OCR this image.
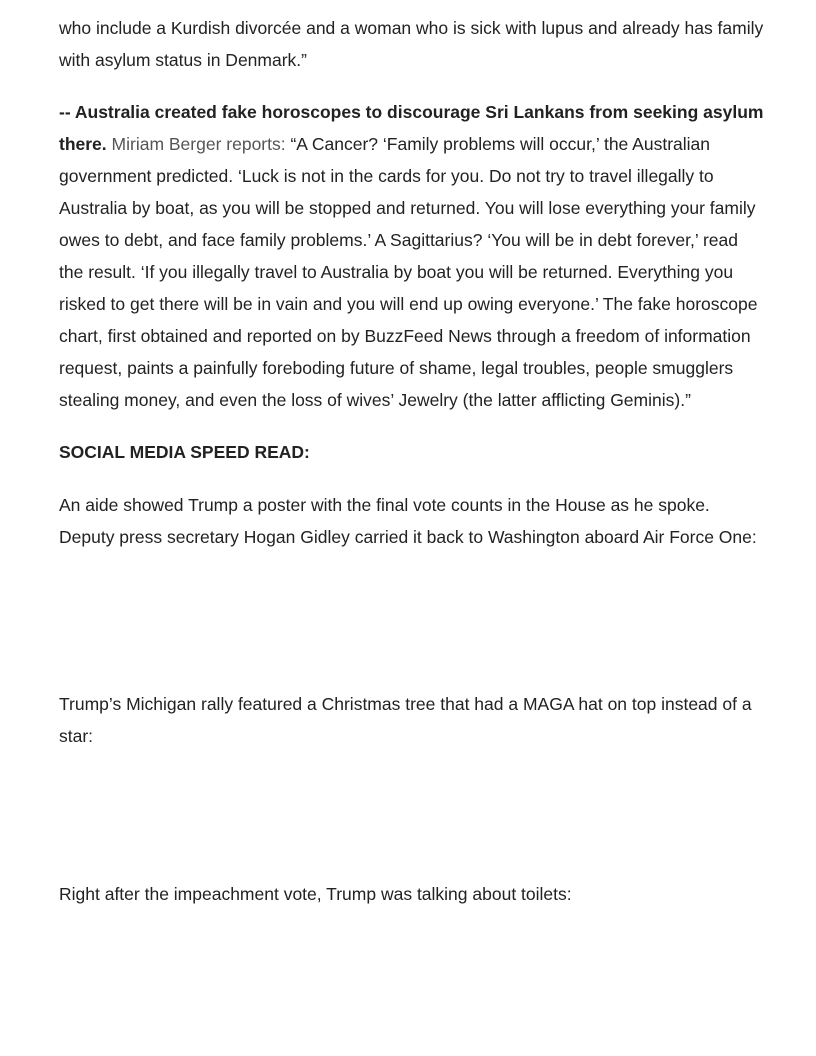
who include a Kurdish divorcée and a woman who is sick with lupus and already has family with asylum status in Denmark.”

-- Australia created fake horoscopes to discourage Sri Lankans from seeking asylum there. Miriam Berger reports: “A Cancer? ‘Family problems will occur,’ the Australian government predicted. ‘Luck is not in the cards for you. Do not try to travel illegally to Australia by boat, as you will be stopped and returned. You will lose everything your family owes to debt, and face family problems.’ A Sagittarius? ‘You will be in debt forever,’ read the result. ‘If you illegally travel to Australia by boat you will be returned. Everything you risked to get there will be in vain and you will end up owing everyone.’ The fake horoscope chart, first obtained and reported on by BuzzFeed News through a freedom of information request, paints a painfully foreboding future of shame, legal troubles, people smugglers stealing money, and even the loss of wives’ Jewelry (the latter afflicting Geminis).”

SOCIAL MEDIA SPEED READ:

An aide showed Trump a poster with the final vote counts in the House as he spoke. Deputy press secretary Hogan Gidley carried it back to Washington aboard Air Force One:

Trump’s Michigan rally featured a Christmas tree that had a MAGA hat on top instead of a star:

Right after the impeachment vote, Trump was talking about toilets:
